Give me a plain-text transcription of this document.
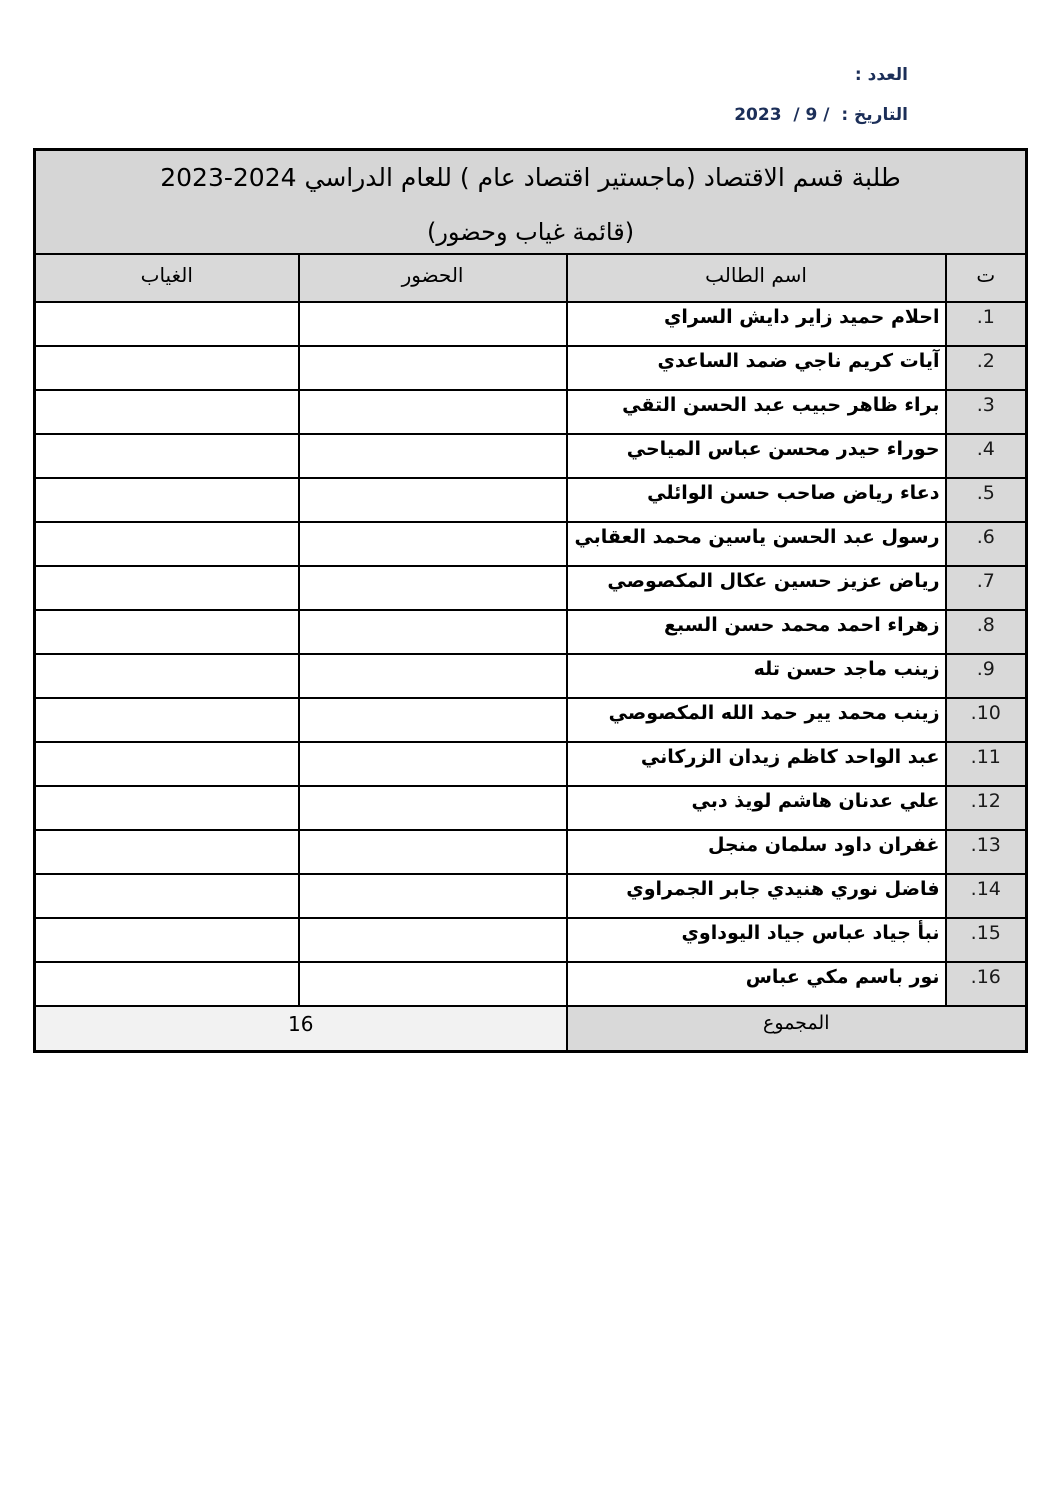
العدد :
التاريخ :  / 9 /  2023
طلبة قسم الاقتصاد (ماجستير اقتصاد عام ) للعام الدراسي 2024-2023
(قائمة غياب وحضور)			

ت	اسم الطالب	الحضور	الغياب
1.	احلام حميد زاير دايش السراي		
2.	آيات كريم ناجي ضمد الساعدي		
3.	براء ظاهر حبيب عبد الحسن التقي		
4.	حوراء حيدر محسن عباس المياحي		
5.	دعاء رياض صاحب حسن الوائلي		
6.	رسول عبد الحسن ياسين محمد العقابي		
7.	رياض عزيز حسين عكال المكصوصي		
8.	زهراء احمد محمد حسن السبع		
9.	زينب ماجد حسن تله		
10.	زينب محمد يير حمد الله المكصوصي		
11.	عبد الواحد كاظم زيدان الزركاني		
12.	علي عدنان هاشم لويذ دبي		
13.	غفران داود سلمان منجل		
14.	فاضل نوري هنيدي جابر الجمراوي		
15.	نبأ جياد عباس جياد اليوداوي		
16.	نور باسم مكي عباس		
المجموع		16	
